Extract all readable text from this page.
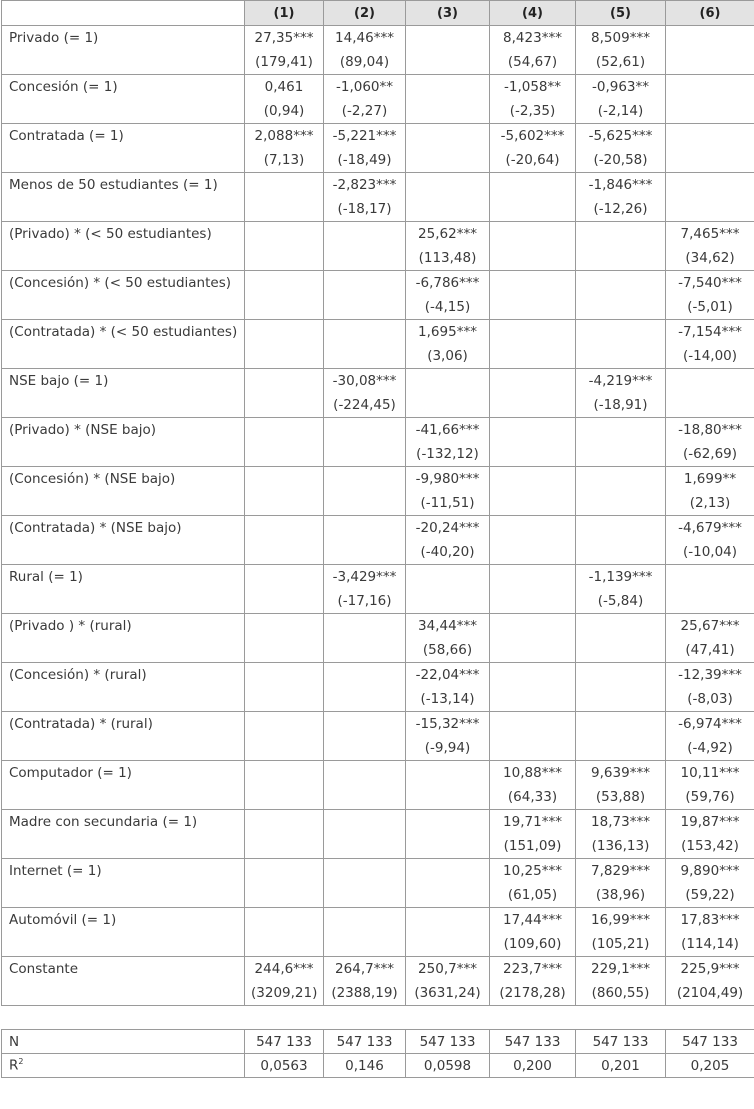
	(1)	(2)	(3)	(4)	(5)	(6)
Privado (= 1)	27,35***	14,46***		8,423***	8,509***	
	(179,41)	(89,04)		(54,67)	(52,61)	
Concesión (= 1)	0,461	-1,060**		-1,058**	-0,963**	
	(0,94)	(-2,27)		(-2,35)	(-2,14)	
Contratada (= 1)	2,088***	-5,221***		-5,602***	-5,625***	
	(7,13)	(-18,49)		(-20,64)	(-20,58)	
Menos de 50 estudiantes (= 1)		-2,823***			-1,846***	
		(-18,17)			(-12,26)	
(Privado) * (< 50 estudiantes)			25,62***			7,465***
			(113,48)			(34,62)
(Concesión) * (< 50 estudiantes)			-6,786***			-7,540***
			(-4,15)			(-5,01)
(Contratada) * (< 50 estudiantes)			1,695***			-7,154***
			(3,06)			(-14,00)
NSE bajo (= 1)		-30,08***			-4,219***	
		(-224,45)			(-18,91)	
(Privado) * (NSE bajo)			-41,66***			-18,80***
			(-132,12)			(-62,69)
(Concesión) * (NSE bajo)			-9,980***			1,699**
			(-11,51)			(2,13)
(Contratada) * (NSE bajo)			-20,24***			-4,679***
			(-40,20)			(-10,04)
Rural (= 1)		-3,429***			-1,139***	
		(-17,16)			(-5,84)	
(Privado ) * (rural)			34,44***			25,67***
			(58,66)			(47,41)
(Concesión) * (rural)			-22,04***			-12,39***
			(-13,14)			(-8,03)
(Contratada) * (rural)			-15,32***			-6,974***
			(-9,94)			(-4,92)
Computador (= 1)				10,88***	9,639***	10,11***
				(64,33)	(53,88)	(59,76)
Madre con secundaria (= 1)				19,71***	18,73***	19,87***
				(151,09)	(136,13)	(153,42)
Internet (= 1)				10,25***	7,829***	9,890***
				(61,05)	(38,96)	(59,22)
Automóvil (= 1)				17,44***	16,99***	17,83***
				(109,60)	(105,21)	(114,14)
Constante	244,6***	264,7***	250,7***	223,7***	229,1***	225,9***
	(3209,21)	(2388,19)	(3631,24)	(2178,28)	(860,55)	(2104,49)

N	547 133	547 133	547 133	547 133	547 133	547 133
$R^2$	0,0563	0,146	0,0598	0,200	0,201	0,205
